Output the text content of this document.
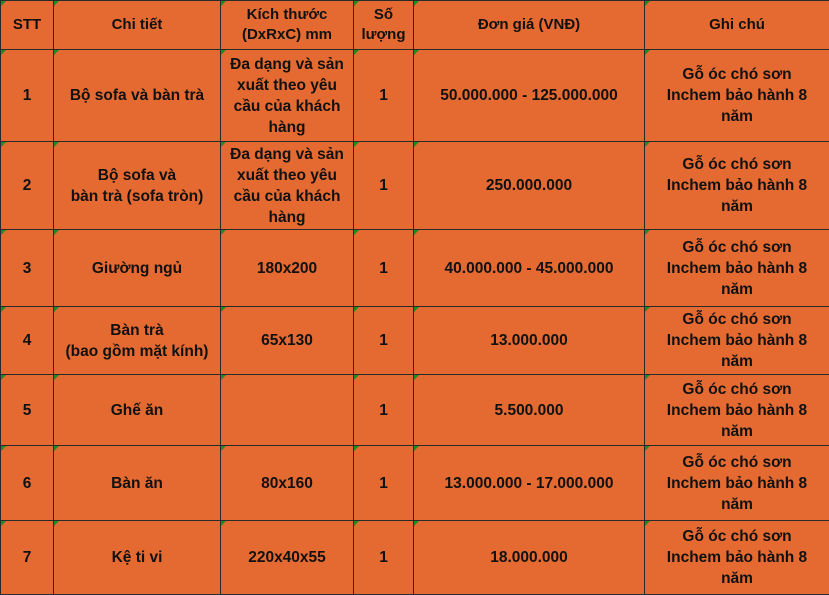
STT	Chi tiết	Kích thước
(DxRxC) mm	Số
lượng	Đơn giá (VNĐ)	Ghi chú
1	Bộ sofa và bàn trà	Đa dạng và sản
xuất theo yêu
cầu của khách
hàng	1	50.000.000 - 125.000.000	Gỗ óc chó sơn
Inchem bảo hành 8
năm
2	Bộ sofa và
bàn trà (sofa tròn)	Đa dạng và sản
xuất theo yêu
cầu của khách
hàng	1	250.000.000	Gỗ óc chó sơn
Inchem bảo hành 8
năm
3	Giường ngủ	180x200	1	40.000.000 - 45.000.000	Gỗ óc chó sơn
Inchem bảo hành 8
năm
4	Bàn trà
(bao gồm mặt kính)	65x130	1	13.000.000	Gỗ óc chó sơn
Inchem bảo hành 8
năm
5	Ghế ăn		1	5.500.000	Gỗ óc chó sơn
Inchem bảo hành 8
năm
6	Bàn ăn	80x160	1	13.000.000 - 17.000.000	Gỗ óc chó sơn
Inchem bảo hành 8
năm
7	Kệ ti vi	220x40x55	1	18.000.000	Gỗ óc chó sơn
Inchem bảo hành 8
năm
